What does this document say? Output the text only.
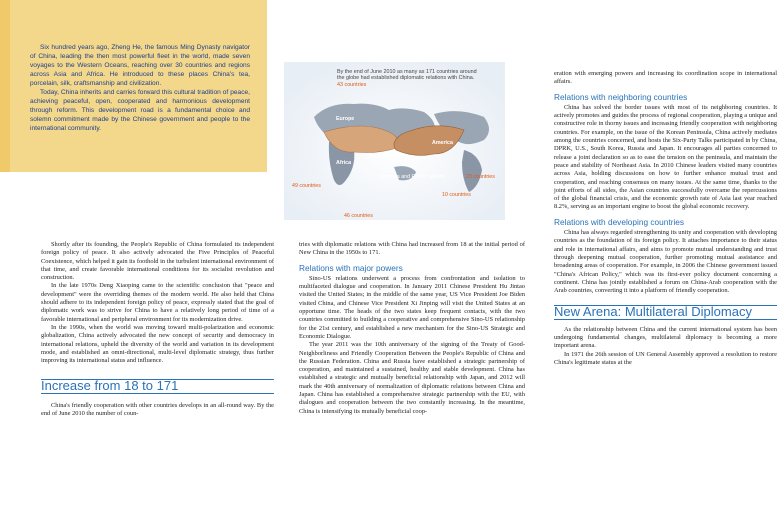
Six hundred years ago, Zheng He, the famous Ming Dynasty navigator of China, leading the then most powerful fleet in the world, made seven voyages to the Western Oceans, reaching over 30 countries and regions across Asia and Africa. He introduced to these places China's tea, porcelain, silk, craftsmanship and civilization.

Today, China inherits and carries forward this cultural tradition of peace, achieving peaceful, open, cooperated and harmonious development through reform. This development road is a fundamental choice and solemn commitment made by the Chinese government and people to the international community.

Europe
Asia
Africa
America
Oceania and Pacific Islands
49 countries
46 countries
10 countries
23 countries
By the end of June 2010 as many as 171 countries around the globe had established diplomatic relations with China.
43 countries

Shortly after its founding, the People's Republic of China formulated its independent foreign policy of peace. It also actively advocated the Five Principles of Peaceful Coexistence, which helped it gain its foothold in the turbulent international environment of that time, and create favorable international conditions for its socialist revolution and construction.

In the late 1970s Deng Xiaoping came to the scientific conclusion that "peace and development" were the overriding themes of the modern world. He also held that China should adhere to its independent foreign policy of peace, expressly stated that the goal of diplomatic work was to strive for China to have a relatively long period of time of a favorable international and peripheral environment for its modernization drive.

In the 1990s, when the world was moving toward multi-polarization and economic globalization, China actively advocated the new concept of security and democracy in international relations, upheld the diversity of the world and variation in its development mode, and established an omni-directional, multi-level diplomatic strategy, thus further improving its international status and influence.

Increase from 18 to 171

China's friendly cooperation with other countries develops in an all-round way. By the end of June 2010 the number of coun-

tries with diplomatic relations with China had increased from 18 at the initial period of New China in the 1950s to 171.

Relations with major powers

Sino-US relations underwent a process from confrontation and isolation to multifaceted dialogue and cooperation. In January 2011 Chinese President Hu Jintao visited the United States; in the middle of the same year, US Vice President Joe Biden visited China, and Chinese Vice President Xi Jinping will visit the United States at an opportune time. The heads of the two states keep frequent contacts, with the two countries committed to building a cooperative and comprehensive Sino-US relationship for the 21st century, and established a new mechanism for the Sino-US Strategic and Economic Dialogue.

The year 2011 was the 10th anniversary of the signing of the Treaty of Good-Neighborliness and Friendly Cooperation Between the People's Republic of China and the Russian Federation. China and Russia have established a strategic partnership of cooperation, and maintained a sustained, healthy and stable development. China has established a strategic and mutually beneficial relationship with Japan, and 2012 will mark the 40th anniversary of normalization of diplomatic relations between China and Japan. China has established a comprehensive strategic partnership with the EU, with dialogues and cooperation between the two constantly increasing. In the meantime, China is intensifying its mutually beneficial coop-

eration with emerging powers and increasing its coordination scope in international affairs.

Relations with neighboring countries

China has solved the border issues with most of its neighboring countries. It actively promotes and guides the process of regional cooperation, playing a unique and constructive role in thorny issues and increasing friendly cooperation with neighboring countries. For example, on the issue of the Korean Peninsula, China actively mediates among the countries concerned, and hosts the Six-Party Talks participated in by China, DPRK, U.S., South Korea, Russia and Japan. It encourages all parties concerned to release a joint declaration so as to ease the tension on the peninsula, and maintain the peace and stability of Northeast Asia. In 2010 Chinese leaders visited many countries across Asia, holding discussions on how to further enhance mutual trust and cooperation, and reaching consensus on many issues. At the same time, thanks to the joint efforts of all sides, the Asian countries successfully overcame the repercussions of the global financial crisis, and the economic growth rate of Asia last year reached 8.2%, serving as an important engine to boost the global economic recovery.

Relations with developing countries

China has always regarded strengthening its unity and cooperation with developing countries as the foundation of its foreign policy. It attaches importance to their status and role in international affairs, and aims to promote mutual understanding and trust through deepening mutual cooperation, further promoting mutual assistance and broadening areas of cooperation. For example, in 2006 the Chinese government issued "China's African Policy," which was its first-ever policy document concerning a continent. China has jointly established a forum on China-Arab cooperation with the Arab countries, converting it into a platform of friendly cooperation.

New Arena: Multilateral Diplomacy

As the relationship between China and the current international system has been undergoing fundamental changes, multilateral diplomacy is becoming a more important arena.

In 1971 the 26th session of UN General Assembly approved a resolution to restore China's legitimate status at the
